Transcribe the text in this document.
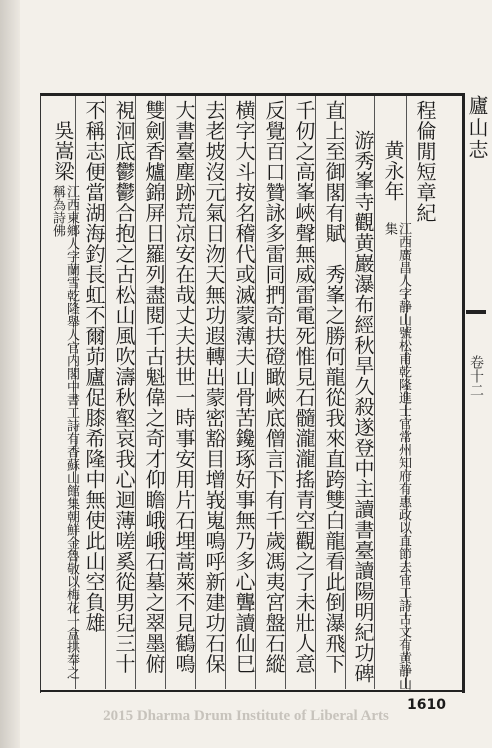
廬山志
卷十二
程倫閒短章紀
黄永年
江西廣昌人字静山號松甫乾隆進士官常州知府有惠政以直節去官工詩古文有黄静山集
游秀峯寺觀黄巖瀑布經秋旱久殺遂登中主讀書臺讀陽明紀功碑
直上至御閣有賦　秀峯之勝何龍從我來直跨雙白龍看此倒瀑飛下
千仞之高峯峽聲無威雷電死惟見石髓瀧瀧搖青空觀之了未壯人意
反覺百口贊詠多雷同捫奇扶磴瞰峽底僧言下有千歲馮夷宮盤石縱
横字大斗按名稽代或滅蒙薄夫山骨苦鑱琢好事無乃多心聾讀仙巳
去老坡沒元氣日沕天無功遐轉出蒙密豁目增峩嵬鳴呼新建功石保
大書臺塵跡荒凉安在哉丈夫扶世一時事安用片石埋蒿萊不見鶴鳴
雙劍香爐錦屏日羅列盡閱千古魁偉之奇才仰瞻峨峨石墓之翠墨俯
視洄底鬱鬱合抱之古松山風吹濤秋壑哀我心迴薄嗟奚從男兒三十
不稱志便當湖海釣長虹不爾茆廬促膝希隆中無使此山空負雄
吳嵩梁
江西東鄉人字蘭雪乾隆舉人官内閣中書工詩有香蘇山館集朝鮮金魯敬以梅花一盒拱奉之稱為詩佛
1610
2015 Dharma Drum Institute of Liberal Arts
